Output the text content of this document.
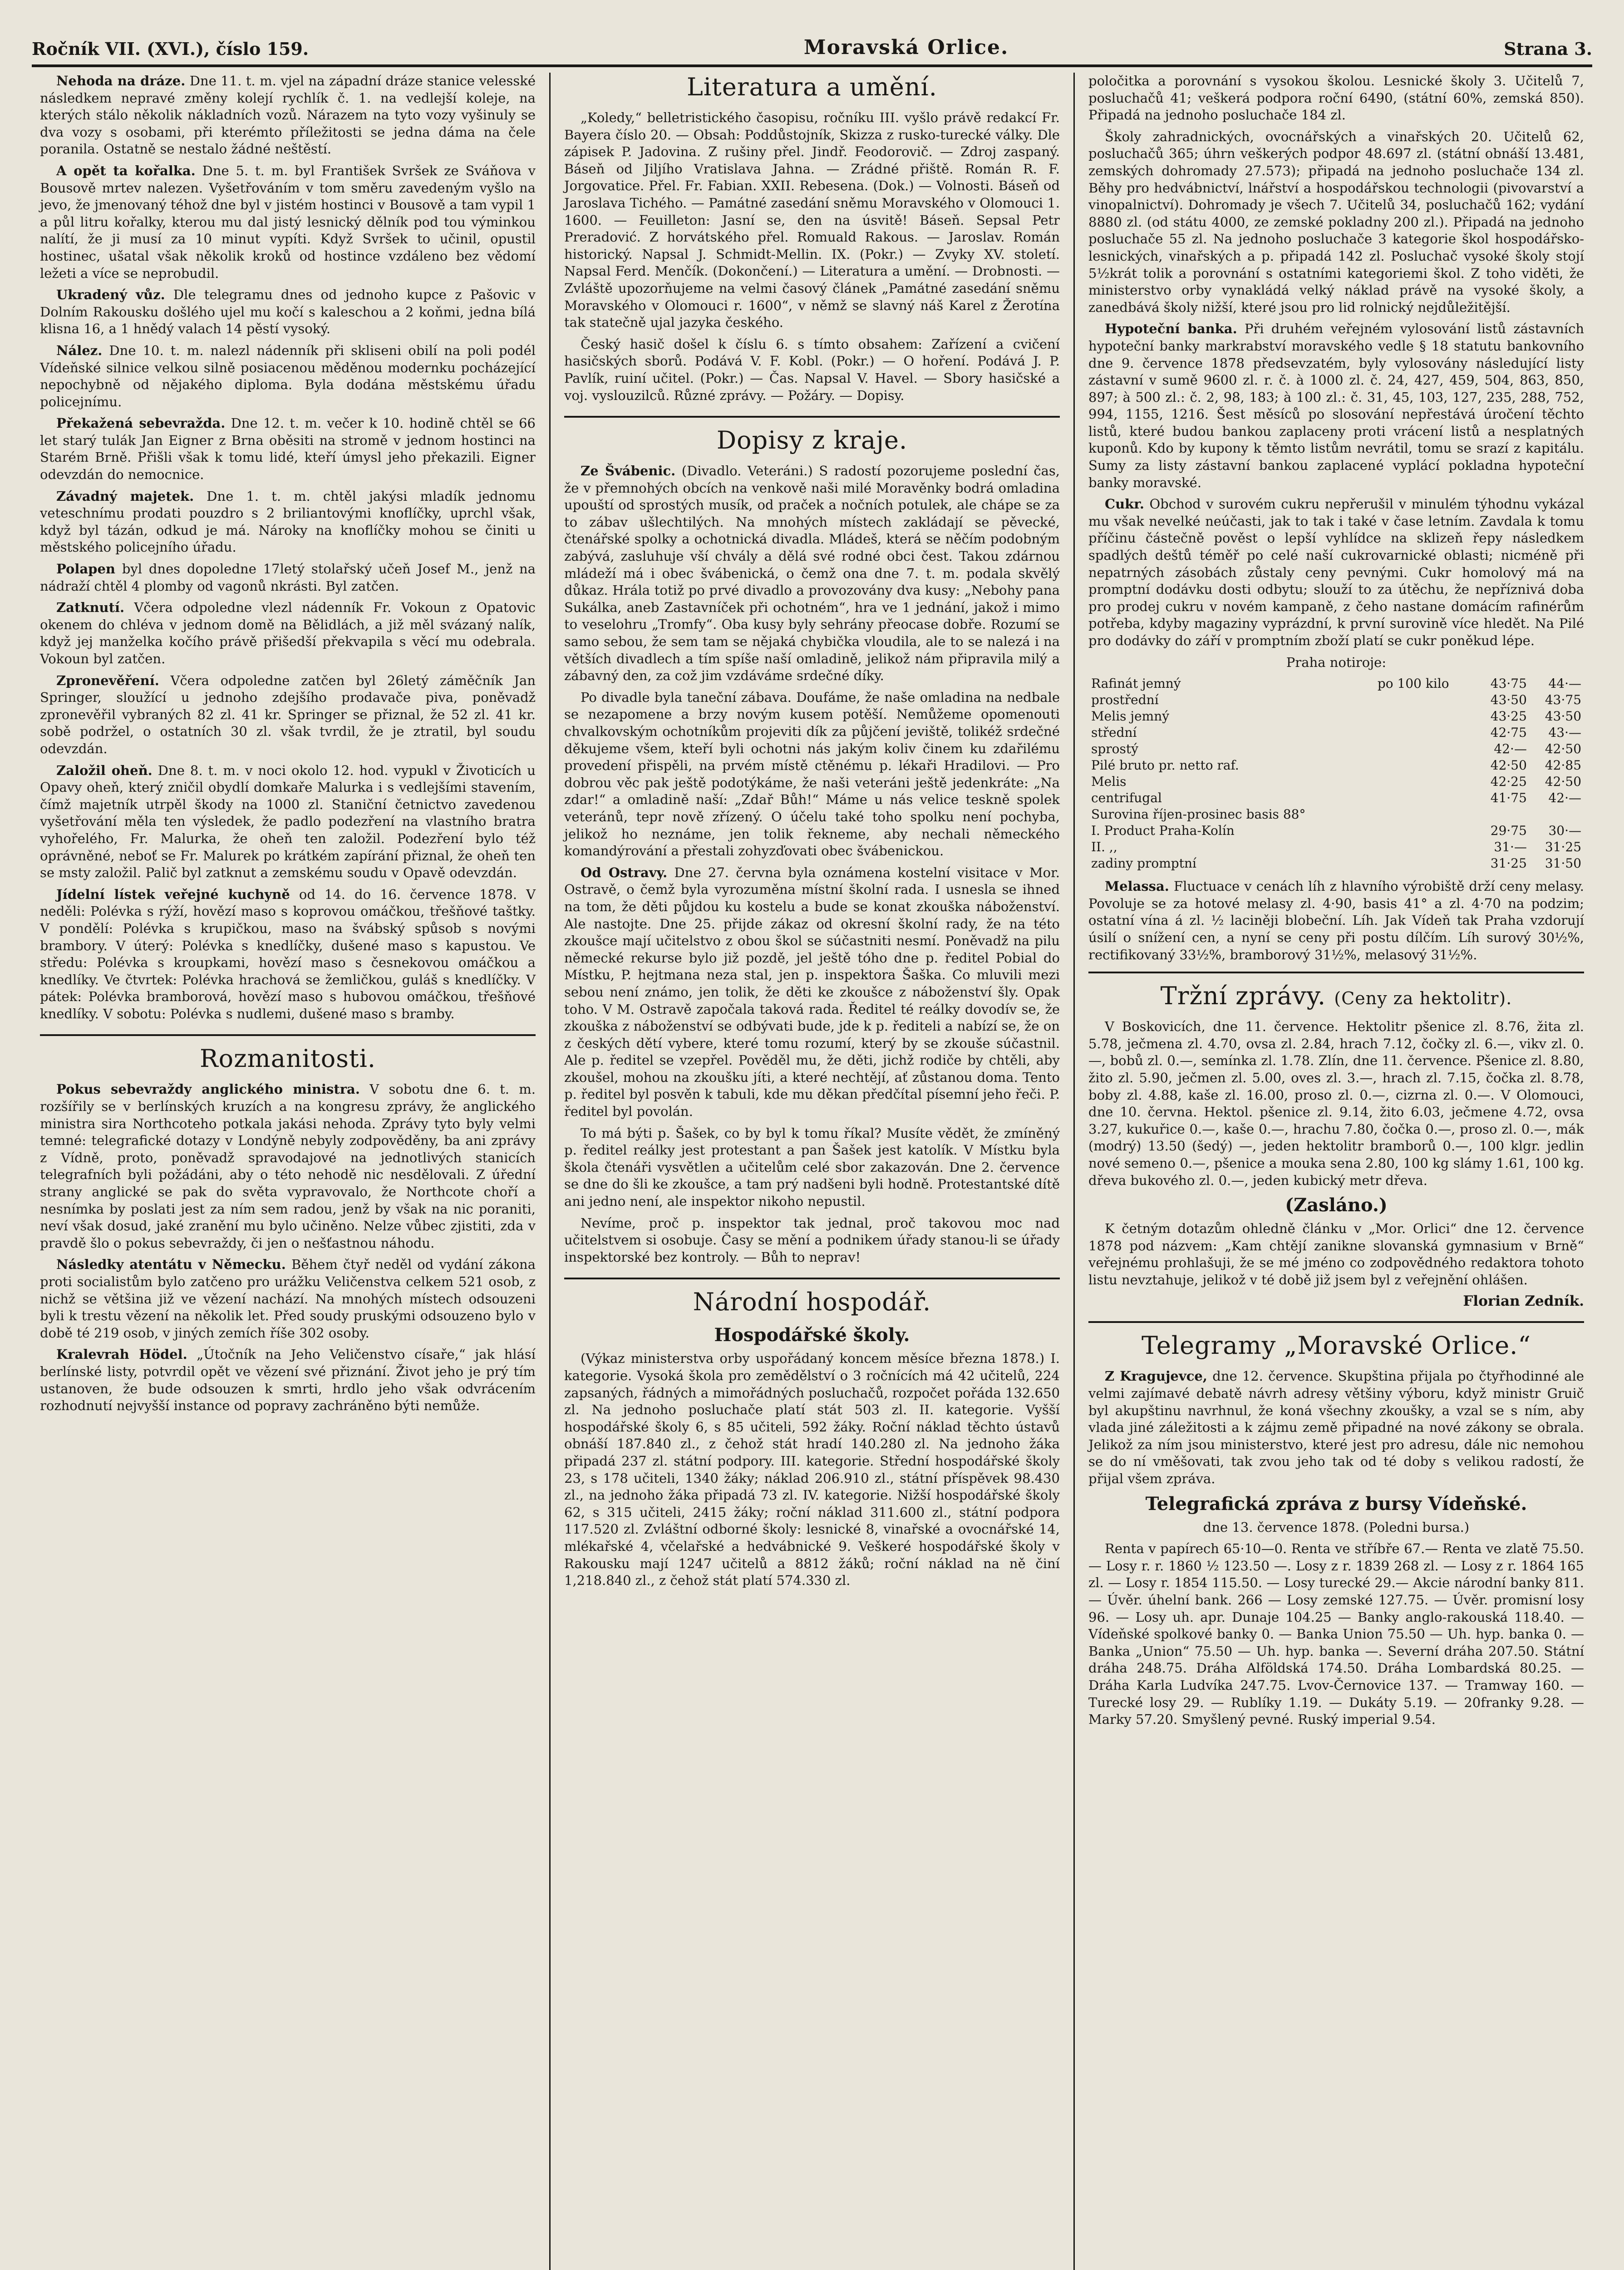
Ročník VII. (XVI.), číslo 159.	Moravská Orlice.	Strana 3.

Nehoda na dráze. Dne 11. t. m. vjel na západní dráze stanice velesské následkem nepravé změny kolejí rychlík č. 1. na vedlejší koleje, na kterých stálo několik nákladních vozů. Nárazem na tyto vozy vyšinuly se dva vozy s osobami, při kterémto příležitosti se jedna dáma na čele poranila. Ostatně se nestalo žádné neštěstí.

A opět ta kořalka. Dne 5. t. m. byl František Svršek ze Sváňova v Bousově mrtev nalezen. Vyšetřováním v tom směru zavedeným vyšlo na jevo, že jmenovaný téhož dne byl v jistém hostinci v Bousově a tam vypil 1 a půl litru kořalky, kterou mu dal jistý lesnický dělník pod tou výminkou nalítí, že ji musí za 10 minut vypíti. Když Svršek to učinil, opustil hostinec, ušatal však několik kroků od hostince vzdáleno bez vědomí ležeti a více se neprobudil.

Ukradený vůz. Dle telegramu dnes od jednoho kupce z Pašovic v Dolním Rakousku došlého ujel mu kočí s kaleschou a 2 koňmi, jedna bílá klisna 16, a 1 hnědý valach 14 pěstí vysoký.

Nález. Dne 10. t. m. nalezl nádenník při skliseni obilí na poli podél Vídeňské silnice velkou silně posiacenou měděnou modernku pocházející nepochybně od nějakého diploma. Byla dodána městskému úřadu policejnímu.

Překažená sebevražda. Dne 12. t. m. večer k 10. hodině chtěl se 66 let starý tulák Jan Eigner z Brna oběsiti na stromě v jednom hostinci na Starém Brně. Přišli však k tomu lidé, kteří úmysl jeho překazili. Eigner odevzdán do nemocnice.

Závadný majetek. Dne 1. t. m. chtěl jakýsi mladík jednomu veteschnímu prodati pouzdro s 2 briliantovými knoflíčky, uprchl však, když byl tázán, odkud je má. Nároky na knoflíčky mohou se činiti u městského policejního úřadu.

Polapen byl dnes dopoledne 17letý stolařský učeň Josef M., jenž na nádraží chtěl 4 plomby od vagonů nkrásti. Byl zatčen.

Zatknutí. Včera odpoledne vlezl nádenník Fr. Vokoun z Opatovic okenem do chléva v jednom domě na Bělidlách, a již měl svázaný nalík, když jej manželka kočího právě přišedší překvapila s věcí mu odebrala. Vokoun byl zatčen.

Zpronevěření. Včera odpoledne zatčen byl 26letý záměčník Jan Springer, sloužící u jednoho zdejšího prodavače piva, poněvadž zpronevěřil vybraných 82 zl. 41 kr. Springer se přiznal, že 52 zl. 41 kr. sobě podržel, o ostatních 30 zl. však tvrdil, že je ztratil, byl soudu odevzdán.

Založil oheň. Dne 8. t. m. v noci okolo 12. hod. vypukl v Životicích u Opavy oheň, který zničil obydlí domkaře Malurka i s vedlejšími stavením, čímž majetník utrpěl škody na 1000 zl. Staniční četnictvo zavedenou vyšetřování měla ten výsledek, že padlo podezření na vlastního bratra vyhořelého, Fr. Malurka, že oheň ten založil. Podezření bylo též oprávněné, neboť se Fr. Malurek po krátkém zapírání přiznal, že oheň ten se msty založil. Palič byl zatknut a zemskému soudu v Opavě odevzdán.

Jídelní lístek veřejné kuchyně od 14. do 16. července 1878. V neděli: Polévka s rýží, hovězí maso s koprovou omáčkou, třešňové taštky. V pondělí: Polévka s krupičkou, maso na švábský spůsob s novými brambory. V úterý: Polévka s knedlíčky, dušené maso s kapustou. Ve středu: Polévka s kroupkami, hovězí maso s česnekovou omáčkou a knedlíky. Ve čtvrtek: Polévka hrachová se žemličkou, guláš s knedlíčky. V pátek: Polévka bramborová, hovězí maso s hubovou omáčkou, třešňové knedlíky. V sobotu: Polévka s nudlemi, dušené maso s bramby.

Rozmanitosti.

Pokus sebevraždy anglického ministra. V sobotu dne 6. t. m. rozšířily se v berlínských kruzích a na kongresu zprávy, že anglického ministra sira Northcoteho potkala jakási nehoda. Zprávy tyto byly velmi temné: telegrafické dotazy v Londýně nebyly zodpověděny, ba ani zprávy z Vídně, proto, poněvadž spravodajové na jednotlivých stanicích telegrafních byli požádáni, aby o této nehodě nic nesdělovali. Z úřední strany anglické se pak do světa vypravovalo, že Northcote choří a nesnímka by poslati jest za ním sem radou, jenž by však na nic poraniti, neví však dosud, jaké zranění mu bylo učiněno. Nelze vůbec zjistiti, zda v pravdě šlo o pokus sebevraždy, či jen o nešťastnou náhodu.

Následky atentátu v Německu. Během čtyř neděl od vydání zákona proti socialistům bylo zatčeno pro urážku Veličenstva celkem 521 osob, z nichž se většina již ve vězení nachází. Na mnohých místech odsouzeni byli k trestu vězení na několik let. Před soudy pruskými odsouzeno bylo v době té 219 osob, v jiných zemích říše 302 osoby.

Kralevrah Hödel. „Útočník na Jeho Veličenstvo císaře,“ jak hlásí berlínské listy, potvrdil opět ve vězení své přiznání. Život jeho je prý tím ustanoven, že bude odsouzen k smrti, hrdlo jeho však odvrácením rozhodnutí nejvyšší instance od popravy zachráněno býti nemůže.

Literatura a umění.

„Koledy,“ belletristického časopisu, ročníku III. vyšlo právě redakcí Fr. Bayera číslo 20. — Obsah: Poddůstojník, Skizza z rusko-turecké války. Dle zápisek P. Jadovina. Z rušiny přel. Jindř. Feodorovič. — Zdroj zaspaný. Báseň od Jiljího Vratislava Jahna. — Zrádné přiště. Román R. F. Jorgovatice. Přel. Fr. Fabian. XXII. Rebesena. (Dok.) — Volnosti. Báseň od Jaroslava Tichého. — Památné zasedání sněmu Moravského v Olomouci 1. 1600. — Feuilleton: Jasní se, den na úsvitě! Báseň. Sepsal Petr Preradović. Z horvátského přel. Romuald Rakous. — Jaroslav. Román historický. Napsal J. Schmidt-Mellin. IX. (Pokr.) — Zvyky XV. století. Napsal Ferd. Menčík. (Dokončení.) — Literatura a umění. — Drobnosti. — Zvláště upozorňujeme na velmi časový článek „Památné zasedání sněmu Moravského v Olomouci r. 1600“, v němž se slavný náš Karel z Žerotína tak statečně ujal jazyka českého.

Český hasič došel k číslu 6. s tímto obsahem: Zařízení a cvičení hasičských sborů. Podává V. F. Kobl. (Pokr.) — O hoření. Podává J. P. Pavlík, ruiní učitel. (Pokr.) — Čas. Napsal V. Havel. — Sbory hasičské a voj. vyslouzilců. Různé zprávy. — Požáry. — Dopisy.

Dopisy z kraje.

Ze Švábenic. (Divadlo. Veteráni.) S radostí pozorujeme poslední čas, že v přemnohých obcích na venkově naši milé Moravěnky bodrá omladina upouští od sprostých musík, od praček a nočních potulek, ale chápe se za to zábav ušlechtilých. Na mnohých místech zakládají se pěvecké, čtenářské spolky a ochotnická divadla. Mládeš, která se něčím podobným zabývá, zasluhuje vší chvály a dělá své rodné obci čest. Takou zdárnou mládeží má i obec švábenická, o čemž ona dne 7. t. m. podala skvělý důkaz. Hrála totiž po prvé divadlo a provozovány dva kusy: „Nebohy pana Sukálka, aneb Zastavníček při ochotném“, hra ve 1 jednání, jakož i mimo to veselohru „Tromfy“. Oba kusy byly sehrány přeocase dobře. Rozumí se samo sebou, že sem tam se nějaká chybička vloudila, ale to se nalezá i na větších divadlech a tím spíše naší omladině, jelikož nám připravila milý a zábavný den, za což jim vzdáváme srdečné díky.

Po divadle byla taneční zábava. Doufáme, že naše omladina na nedbale se nezapomene a brzy novým kusem potěší. Nemůžeme opomenouti chvalkovským ochotníkům projeviti dík za půjčení jeviště, tolikéž srdečné děkujeme všem, kteří byli ochotni nás jakým koliv činem ku zdařilému provedení přispěli, na prvém místě ctěnému p. lékaři Hradilovi. — Pro dobrou věc pak ještě podotýkáme, že naši veteráni ještě jedenkráte: „Na zdar!“ a omladině naší: „Zdař Bůh!“ Máme u nás velice teskně spolek veteránů, tepr nově zřízený. O účelu také toho spolku není pochyba, jelikož ho neznáme, jen tolik řekneme, aby nechali německého komandýrování a přestali zohyzďovati obec švábenickou.

Od Ostravy. Dne 27. června byla oznámena kostelní visitace v Mor. Ostravě, o čemž byla vyrozuměna místní školní rada. I usnesla se ihned na tom, že děti půjdou ku kostelu a bude se konat zkouška náboženství. Ale nastojte. Dne 25. přijde zákaz od okresní školní rady, že na této zkoušce mají učitelstvo z obou škol se súčastniti nesmí. Poněvadž na pilu německé rekurse bylo již pozdě, jel ještě tóho dne p. ředitel Pobial do Místku, P. hejtmana neza stal, jen p. inspektora Šaška. Co mluvili mezi sebou není známo, jen tolik, že děti ke zkoušce z náboženství šly. Opak toho. V M. Ostravě započala taková rada. Ředitel té reálky dovodív se, že zkouška z náboženství se odbývati bude, jde k p. řediteli a nabízí se, že on z českých dětí vybere, které tomu rozumí, který by se zkouše súčastnil. Ale p. ředitel se vzepřel. Pověděl mu, že děti, jichž rodiče by chtěli, aby zkoušel, mohou na zkoušku jíti, a které nechtějí, ať zůstanou doma. Tento p. ředitel byl posvěn k tabuli, kde mu děkan předčítal písemní jeho řeči. P. ředitel byl povolán.

To má býti p. Šašek, co by byl k tomu říkal? Musíte vědět, že zmíněný p. ředitel reálky jest protestant a pan Šašek jest katolík. V Místku byla škola čtenáři vysvětlen a učitelům celé sbor zakazován. Dne 2. července se dne do šli ke zkoušce, a tam prý nadšeni byli hodně. Protestantské dítě ani jedno není, ale inspektor nikoho nepustil.

Nevíme, proč p. inspektor tak jednal, proč takovou moc nad učitelstvem si osobuje. Časy se mění a podnikem úřady stanou-li se úřady inspektorské bez kontroly. — Bůh to neprav!

Národní hospodář.
Hospodářské školy.

(Výkaz ministerstva orby uspořádaný koncem měsíce března 1878.) I. kategorie. Vysoká škola pro zemědělství o 3 ročnících má 42 učitelů, 224 zapsaných, řádných a mimořádných posluchačů, rozpočet pořáda 132.650 zl. Na jednoho posluchače platí stát 503 zl. II. kategorie. Vyšší hospodářské školy 6, s 85 učiteli, 592 žáky. Roční náklad těchto ústavů obnáší 187.840 zl., z čehož stát hradí 140.280 zl. Na jednoho žáka připadá 237 zl. státní podpory. III. kategorie. Střední hospodářské školy 23, s 178 učiteli, 1340 žáky; náklad 206.910 zl., státní příspěvek 98.430 zl., na jednoho žáka připadá 73 zl. IV. kategorie. Nižší hospodářské školy 62, s 315 učiteli, 2415 žáky; roční náklad 311.600 zl., státní podpora 117.520 zl. Zvláštní odborné školy: lesnické 8, vinařské a ovocnářské 14, mlékařské 4, včelařské a hedvábnické 9. Veškeré hospodářské školy v Rakousku mají 1247 učitelů a 8812 žáků; roční náklad na ně činí 1,218.840 zl., z čehož stát platí 574.330 zl.

poločitka a porovnání s vysokou školou. Lesnické školy 3. Učitelů 7, posluchačů 41; veškerá podpora roční 6490, (státní 60%, zemská 850). Připadá na jednoho posluchače 184 zl.

Školy zahradnických, ovocnářských a vinařských 20. Učitelů 62, posluchačů 365; úhrn veškerých podpor 48.697 zl. (státní obnáší 13.481, zemských dohromady 27.573); připadá na jednoho posluchače 134 zl. Běhy pro hedvábnictví, lnářství a hospodářskou technologii (pivovarství a vinopalnictví). Dohromady je všech 7. Učitelů 34, posluchačů 162; vydání 8880 zl. (od státu 4000, ze zemské pokladny 200 zl.). Připadá na jednoho posluchače 55 zl. Na jednoho posluchače 3 kategorie škol hospodářsko-lesnických, vinařských a p. připadá 142 zl. Posluchač vysoké školy stojí 5½krát tolik a porovnání s ostatními kategoriemi škol. Z toho viděti, že ministerstvo orby vynakládá velký náklad právě na vysoké školy, a zanedbává školy nižší, které jsou pro lid rolnický nejdůležitější.

Hypoteční banka. Při druhém veřejném vylosování listů zástavních hypoteční banky markrabství moravského vedle § 18 statutu bankovního dne 9. července 1878 předsevzatém, byly vylosovány následující listy zástavní v sumě 9600 zl. r. č. à 1000 zl. č. 24, 427, 459, 504, 863, 850, 897; à 500 zl.: č. 2, 98, 183; à 100 zl.: č. 31, 45, 103, 127, 235, 288, 752, 994, 1155, 1216. Šest měsíců po slosování nepřestává úročení těchto listů, které budou bankou zaplaceny proti vrácení listů a nesplatných kuponů. Kdo by kupony k těmto listům nevrátil, tomu se srazí z kapitálu. Sumy za listy zástavní bankou zaplacené vyplácí pokladna hypoteční banky moravské.

Cukr. Obchod v surovém cukru nepřerušil v minulém týhodnu vykázal mu však nevelké neúčasti, jak to tak i také v čase letním. Zavdala k tomu příčinu částečně pověst o lepší vyhlídce na sklizeň řepy následkem spadlých deštů téměř po celé naší cukrovarnické oblasti; nicméně při nepatrných zásobách zůstaly ceny pevnými. Cukr homolový má na promptní dodávku dosti odbytu; slouží to za útěchu, že nepříznivá doba pro prodej cukru v novém kampaně, z čeho nastane domácím rafinérům potřeba, kdyby magaziny vyprázdní, k první surovině více hledět. Na Pilé pro dodávky do září v promptním zboží platí se cukr poněkud lépe.

Praha notiroje:

Rafinát jemný	po 100 kilo	43·75	44·—
prostřední		43·50	43·75
Melis jemný		43·25	43·50
střední		42·75	43·—
sprostý		42·—	42·50
Pilé bruto pr. netto raf.		42·50	42·85
Melis		42·25	42·50
centrifugal		41·75	42·—
Surovina říjen-prosinec basis 88°			
I. Product Praha-Kolín		29·75	30·—
II. ,,		31·—	31·25
zadiny promptní		31·25	31·50

Melassa. Fluctuace v cenách líh z hlavního výrobiště drží ceny melasy. Povoluje se za hotové melasy zl. 4·90, basis 41° a zl. 4·70 na podzim; ostatní vína á zl. ½ laciněji blobeční. Líh. Jak Vídeň tak Praha vzdorují úsilí o snížení cen, a nyní se ceny při postu dílčím. Líh surový 30½%, rectifikovaný 33½%, bramborový 31½%, melasový 31½%.

Tržní zprávy. (Ceny za hektolitr).

V Boskovicích, dne 11. července. Hektolitr pšenice zl. 8.76, žita zl. 5.78, ječmena zl. 4.70, ovsa zl. 2.84, hrach 7.12, čočky zl. 6.—, vikv zl. 0.—, bobů zl. 0.—, semínka zl. 1.78. Zlín, dne 11. července. Pšenice zl. 8.80, žito zl. 5.90, ječmen zl. 5.00, oves zl. 3.—, hrach zl. 7.15, čočka zl. 8.78, boby zl. 4.88, kaše zl. 16.00, proso zl. 0.—, cizrna zl. 0.—. V Olomouci, dne 10. června. Hektol. pšenice zl. 9.14, žito 6.03, ječmene 4.72, ovsa 3.27, kukuřice 0.—, kaše 0.—, hrachu 7.80, čočka 0.—, proso zl. 0.—, mák (modrý) 13.50 (šedý) —, jeden hektolitr bramborů 0.—, 100 klgr. jedlin nové semeno 0.—, pšenice a mouka sena 2.80, 100 kg slámy 1.61, 100 kg. dřeva bukového zl. 0.—, jeden kubický metr dřeva.

(Zasláno.)

K četným dotazům ohledně článku v „Mor. Orlici“ dne 12. července 1878 pod názvem: „Kam chtějí zanikne slovanská gymnasium v Brně“ veřejnému prohlašuji, že se mé jméno co zodpovědného redaktora tohoto listu nevztahuje, jelikož v té době již jsem byl z veřejnění ohlášen.

Florian Zedník.
Telegramy „Moravské Orlice.“

Z Kragujevce, dne 12. července. Skupština přijala po čtyřhodinné ale velmi zajímavé debatě návrh adresy většiny výboru, když ministr Gruič byl akupštinu navrhnul, že koná všechny zkoušky, a vzal se s ním, aby vlada jiné záležitosti a k zájmu země připadné na nové zákony se obrala. Jelikož za ním jsou ministerstvo, které jest pro adresu, dále nic nemohou se do ní vměšovati, tak zvou jeho tak od té doby s velikou radostí, že přijal všem zpráva.

Telegrafická zpráva z bursy Vídeňské.

dne 13. července 1878. (Poledni bursa.)

Renta v papírech 65·10—0. Renta ve stříbře 67.— Renta ve zlatě 75.50. — Losy r. r. 1860 ½ 123.50 —. Losy z r. 1839 268 zl. — Losy z r. 1864 165 zl. — Losy r. 1854 115.50. — Losy turecké 29.— Akcie národní banky 811. — Úvěr. úhelní bank. 266 — Losy zemské 127.75. — Úvěr. promisní losy 96. — Losy uh. apr. Dunaje 104.25 — Banky anglo-rakouská 118.40. — Vídeňské spolkové banky 0. — Banka Union 75.50 — Uh. hyp. banka 0. — Banka „Union“ 75.50 — Uh. hyp. banka —. Severní dráha 207.50. Státní dráha 248.75. Dráha Alföldská 174.50. Dráha Lombardská 80.25. — Dráha Karla Ludvíka 247.75. Lvov-Černovice 137. — Tramway 160. — Turecké losy 29. — Rublíky 1.19. — Dukáty 5.19. — 20franky 9.28. — Marky 57.20. Smyšlený pevné. Ruský imperial 9.54.
